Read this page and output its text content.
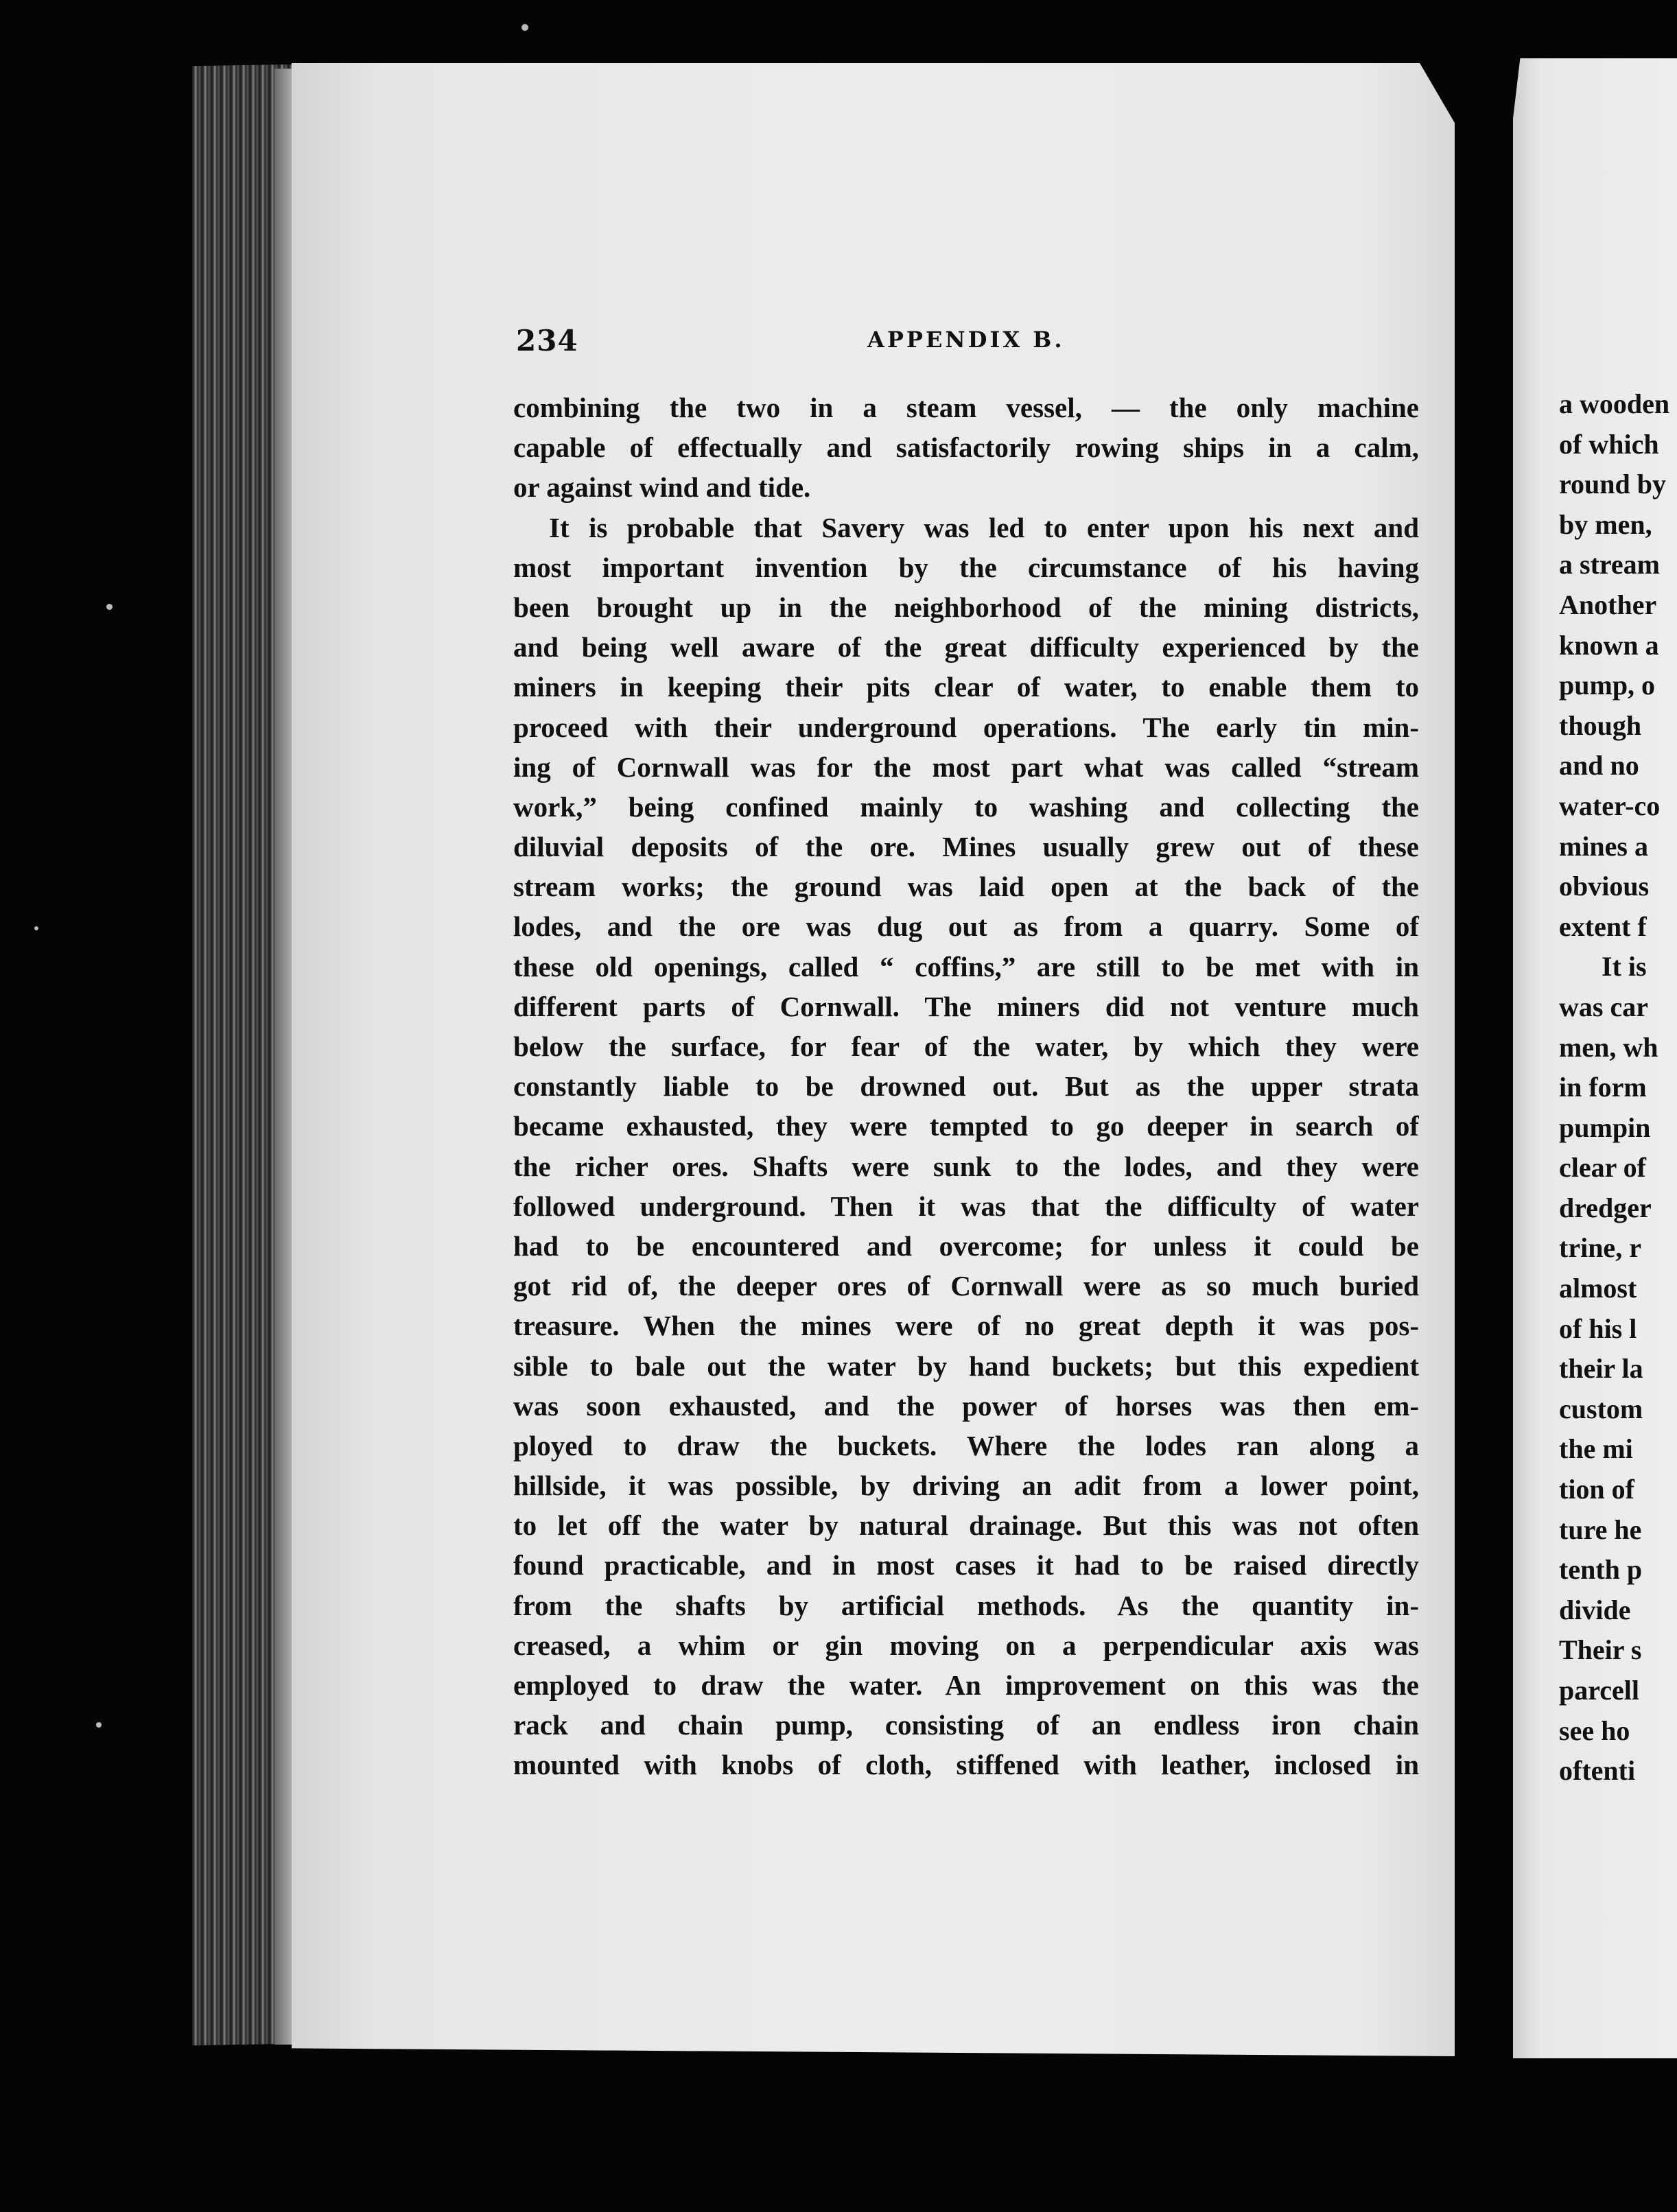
234	APPENDIX B.
combining the two in a steam vessel, — the only machine
capable of effectually and satisfactorily rowing ships in a calm,
or against wind and tide.
It is probable that Savery was led to enter upon his next and
most important invention by the circumstance of his having
been brought up in the neighborhood of the mining districts,
and being well aware of the great difficulty experienced by the
miners in keeping their pits clear of water, to enable them to
proceed with their underground operations. The early tin min-
ing of Cornwall was for the most part what was called “stream
work,” being confined mainly to washing and collecting the
diluvial deposits of the ore. Mines usually grew out of these
stream works; the ground was laid open at the back of the
lodes, and the ore was dug out as from a quarry. Some of
these old openings, called “ coffins,” are still to be met with in
different parts of Cornwall. The miners did not venture much
below the surface, for fear of the water, by which they were
constantly liable to be drowned out. But as the upper strata
became exhausted, they were tempted to go deeper in search of
the richer ores. Shafts were sunk to the lodes, and they were
followed underground. Then it was that the difficulty of water
had to be encountered and overcome; for unless it could be
got rid of, the deeper ores of Cornwall were as so much buried
treasure. When the mines were of no great depth it was pos-
sible to bale out the water by hand buckets; but this expedient
was soon exhausted, and the power of horses was then em-
ployed to draw the buckets. Where the lodes ran along a
hillside, it was possible, by driving an adit from a lower point,
to let off the water by natural drainage. But this was not often
found practicable, and in most cases it had to be raised directly
from the shafts by artificial methods. As the quantity in-
creased, a whim or gin moving on a perpendicular axis was
employed to draw the water. An improvement on this was the
rack and chain pump, consisting of an endless iron chain
mounted with knobs of cloth, stiffened with leather, inclosed in
a wooden
of which
round by
by men,
a stream
Another
known a
pump, o
though
and no
water-co
mines a
obvious
extent f
It is
was car
men, wh
in form
pumpin
clear of
dredger
trine, r
almost
of his l
their la
custom
the mi
tion of
ture he
tenth p
divide
Their s
parcell
see ho
oftenti
